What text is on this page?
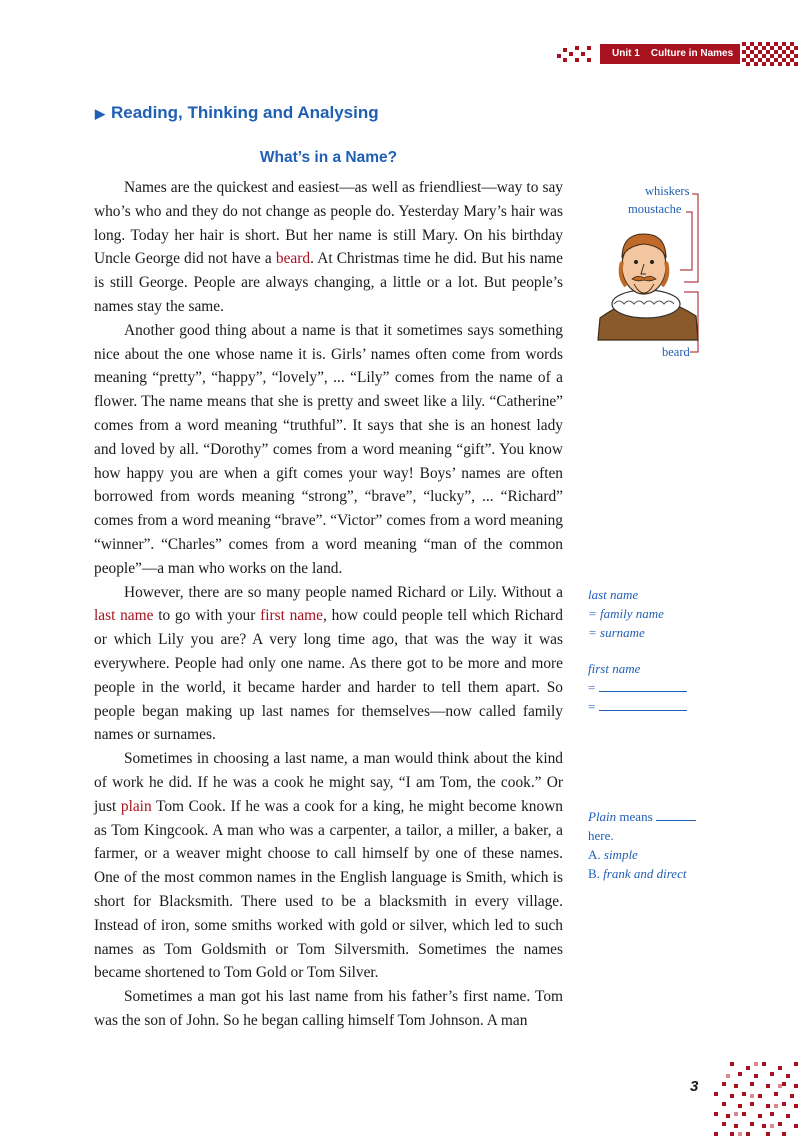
Unit 1 Culture in Names
▶ Reading, Thinking and Analysing
What’s in a Name?

Names are the quickest and easiest—as well as friendliest—way to say who’s who and they do not change as people do. Yesterday Mary’s hair was long. Today her hair is short. But her name is still Mary. On his birthday Uncle George did not have a beard. At Christmas time he did. But his name is still George. People are always changing, a little or a lot. But people’s names stay the same.

Another good thing about a name is that it sometimes says something nice about the one whose name it is. Girls’ names often come from words meaning “pretty”, “happy”, “lovely”, ... “Lily” comes from the name of a flower. The name means that she is pretty and sweet like a lily. “Catherine” comes from a word meaning “truthful”. It says that she is an honest lady and loved by all. “Dorothy” comes from a word meaning “gift”. You know how happy you are when a gift comes your way! Boys’ names are often borrowed from words meaning “strong”, “brave”, “lucky”, ... “Richard” comes from a word meaning “brave”. “Victor” comes from a word meaning “winner”. “Charles” comes from a word meaning “man of the common people”—a man who works on the land.

However, there are so many people named Richard or Lily. Without a last name to go with your first name, how could people tell which Richard or which Lily you are? A very long time ago, that was the way it was everywhere. People had only one name. As there got to be more and more people in the world, it became harder and harder to tell them apart. So people began making up last names for themselves—now called family names or surnames.

Sometimes in choosing a last name, a man would think about the kind of work he did. If he was a cook he might say, “I am Tom, the cook.” Or just plain Tom Cook. If he was a cook for a king, he might become known as Tom Kingcook. A man who was a carpenter, a tailor, a miller, a baker, a farmer, or a weaver might choose to call himself by one of these names. One of the most common names in the English language is Smith, which is short for Blacksmith. There used to be a blacksmith in every village. Instead of iron, some smiths worked with gold or silver, which led to such names as Tom Goldsmith or Tom Silversmith. Sometimes the names became shortened to Tom Gold or Tom Silver.

Sometimes a man got his last name from his father’s first name. Tom was the son of John. So he began calling himself Tom Johnson. A man

whiskers
moustache
beard
last name
= family name
= surname
first name
=
=
Plain means
here.
A. simple
B. frank and direct
3
